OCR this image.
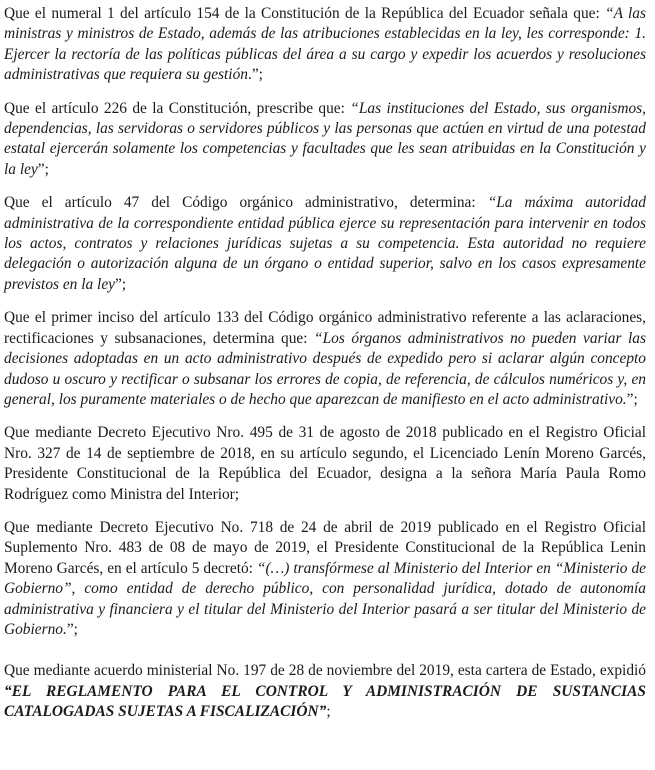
Que el numeral 1 del artículo 154 de la Constitución de la República del Ecuador señala que: “A las ministras y ministros de Estado, además de las atribuciones establecidas en la ley, les corresponde: 1. Ejercer la rectoría de las políticas públicas del área a su cargo y expedir los acuerdos y resoluciones administrativas que requiera su gestión.”;

Que el artículo 226 de la Constitución, prescribe que: “Las instituciones del Estado, sus organismos, dependencias, las servidoras o servidores públicos y las personas que actúen en virtud de una potestad estatal ejercerán solamente los competencias y facultades que les sean atribuidas en la Constitución y la ley”;

Que el artículo 47 del Código orgánico administrativo, determina: “La máxima autoridad administrativa de la correspondiente entidad pública ejerce su representación para intervenir en todos los actos, contratos y relaciones jurídicas sujetas a su competencia. Esta autoridad no requiere delegación o autorización alguna de un órgano o entidad superior, salvo en los casos expresamente previstos en la ley”;

Que el primer inciso del artículo 133 del Código orgánico administrativo referente a las aclaraciones, rectificaciones y subsanaciones, determina que: “Los órganos administrativos no pueden variar las decisiones adoptadas en un acto administrativo después de expedido pero si aclarar algún concepto dudoso u oscuro y rectificar o subsanar los errores de copia, de referencia, de cálculos numéricos y, en general, los puramente materiales o de hecho que aparezcan de manifiesto en el acto administrativo.”;

Que mediante Decreto Ejecutivo Nro. 495 de 31 de agosto de 2018 publicado en el Registro Oficial Nro. 327 de 14 de septiembre de 2018, en su artículo segundo, el Licenciado Lenín Moreno Garcés, Presidente Constitucional de la República del Ecuador, designa a la señora María Paula Romo Rodríguez como Ministra del Interior;

Que mediante Decreto Ejecutivo No. 718 de 24 de abril de 2019 publicado en el Registro Oficial Suplemento Nro. 483 de 08 de mayo de 2019, el Presidente Constitucional de la República Lenin Moreno Garcés, en el artículo 5 decretó: “(…) transfórmese al Ministerio del Interior en “Ministerio de Gobierno”, como entidad de derecho público, con personalidad jurídica, dotado de autonomía administrativa y financiera y el titular del Ministerio del Interior pasará a ser titular del Ministerio de Gobierno.”;

Que mediante acuerdo ministerial No. 197 de 28 de noviembre del 2019, esta cartera de Estado, expidió “EL REGLAMENTO PARA EL CONTROL Y ADMINISTRACIÓN DE SUSTANCIAS CATALOGADAS SUJETAS A FISCALIZACIÓN”;
